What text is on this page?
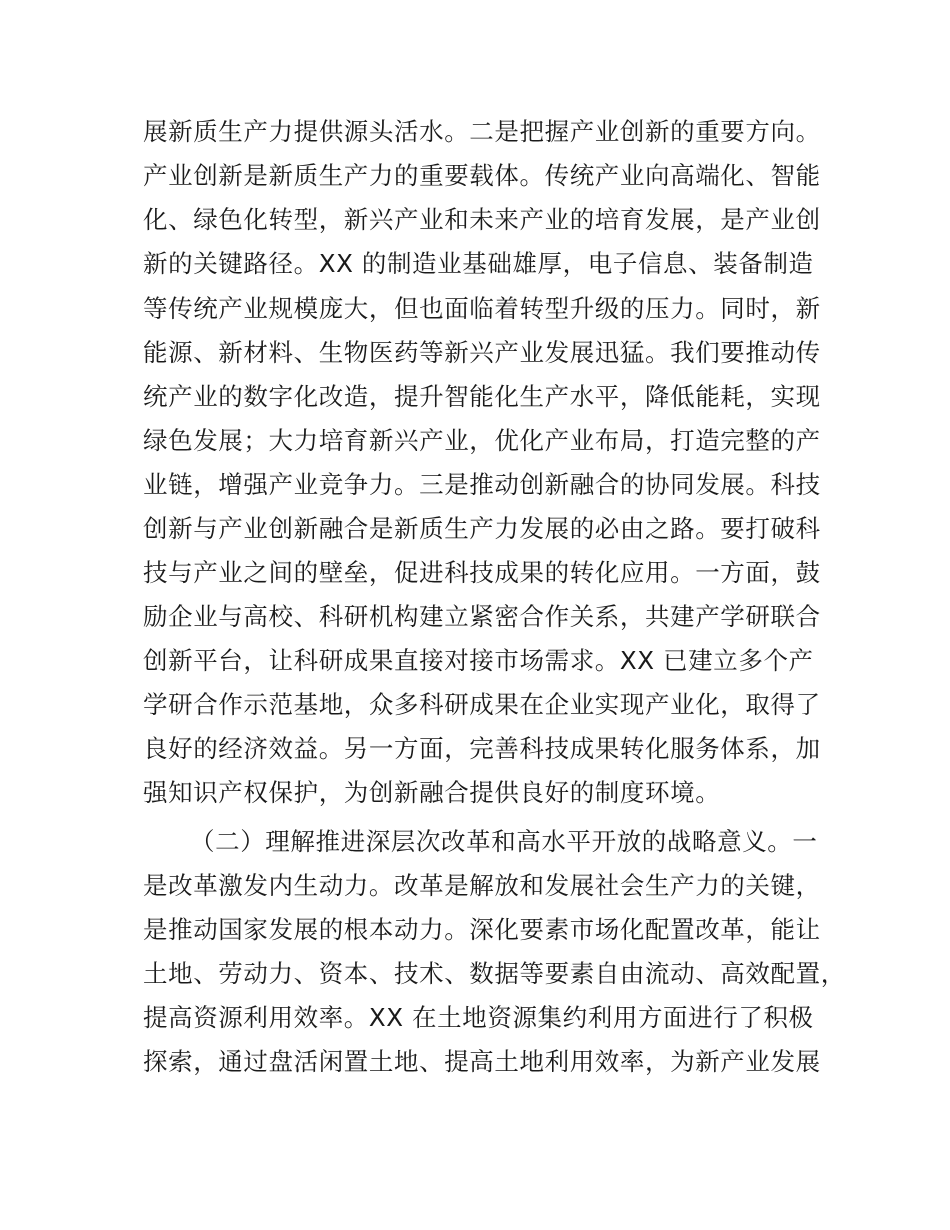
展新质生产力提供源头活水。二是把握产业创新的重要方向。

产业创新是新质生产力的重要载体。传统产业向高端化、智能

化、绿色化转型，新兴产业和未来产业的培育发展，是产业创

新的关键路径。XX 的制造业基础雄厚，电子信息、装备制造

等传统产业规模庞大，但也面临着转型升级的压力。同时，新

能源、新材料、生物医药等新兴产业发展迅猛。我们要推动传

统产业的数字化改造，提升智能化生产水平，降低能耗，实现

绿色发展；大力培育新兴产业，优化产业布局，打造完整的产

业链，增强产业竞争力。三是推动创新融合的协同发展。科技

创新与产业创新融合是新质生产力发展的必由之路。要打破科

技与产业之间的壁垒，促进科技成果的转化应用。一方面，鼓

励企业与高校、科研机构建立紧密合作关系，共建产学研联合

创新平台，让科研成果直接对接市场需求。XX 已建立多个产

学研合作示范基地，众多科研成果在企业实现产业化，取得了

良好的经济效益。另一方面，完善科技成果转化服务体系，加

强知识产权保护，为创新融合提供良好的制度环境。

（二）理解推进深层次改革和高水平开放的战略意义。一

是改革激发内生动力。改革是解放和发展社会生产力的关键，

是推动国家发展的根本动力。深化要素市场化配置改革，能让

土地、劳动力、资本、技术、数据等要素自由流动、高效配置，

提高资源利用效率。XX 在土地资源集约利用方面进行了积极

探索，通过盘活闲置土地、提高土地利用效率，为新产业发展
